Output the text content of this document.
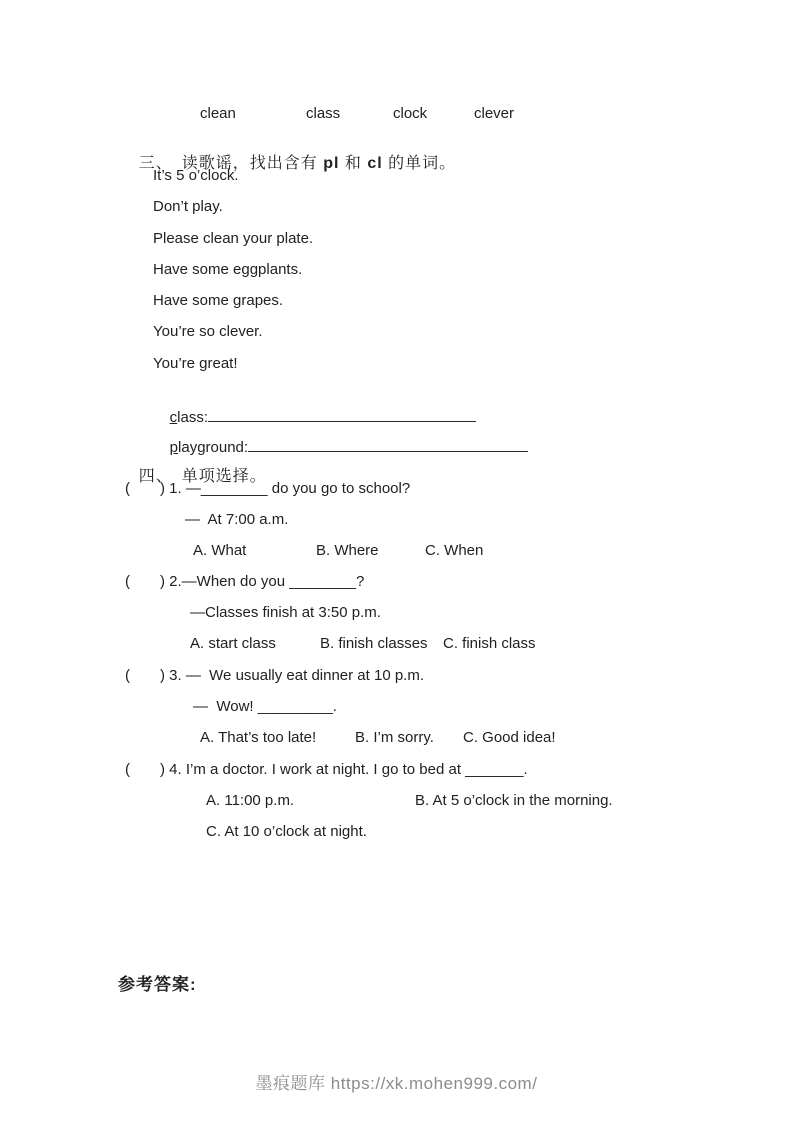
clean	class	clock	clever

三、 读歌谣，找出含有 pl 和 cl 的单词。

It’s 5 o’clock.
Don’t play.
Please clean your plate.
Have some eggplants.
Have some grapes.
You’re so clever.
You’re great!

class:

playground:

四、 单项选择。

(　　) 1. —________ do you go to school?
—  At 7:00 a.m.
A. What	B. Where	C. When
(　　) 2.—When do you ________?
—Classes finish at 3:50 p.m.
A. start class	B. finish classes C. finish class
(　　) 3. —  We usually eat dinner at 10 p.m.
—  Wow! _________.
A. That’s too late!	B. I’m sorry. C. Good idea!
(　　) 4. I’m a doctor. I work at night. I go to bed at _______.
A. 11:00 p.m.	B. At 5 o’clock in the morning.
C. At 10 o’clock at night.
参考答案:
墨痕题库 https://xk.mohen999.com/
